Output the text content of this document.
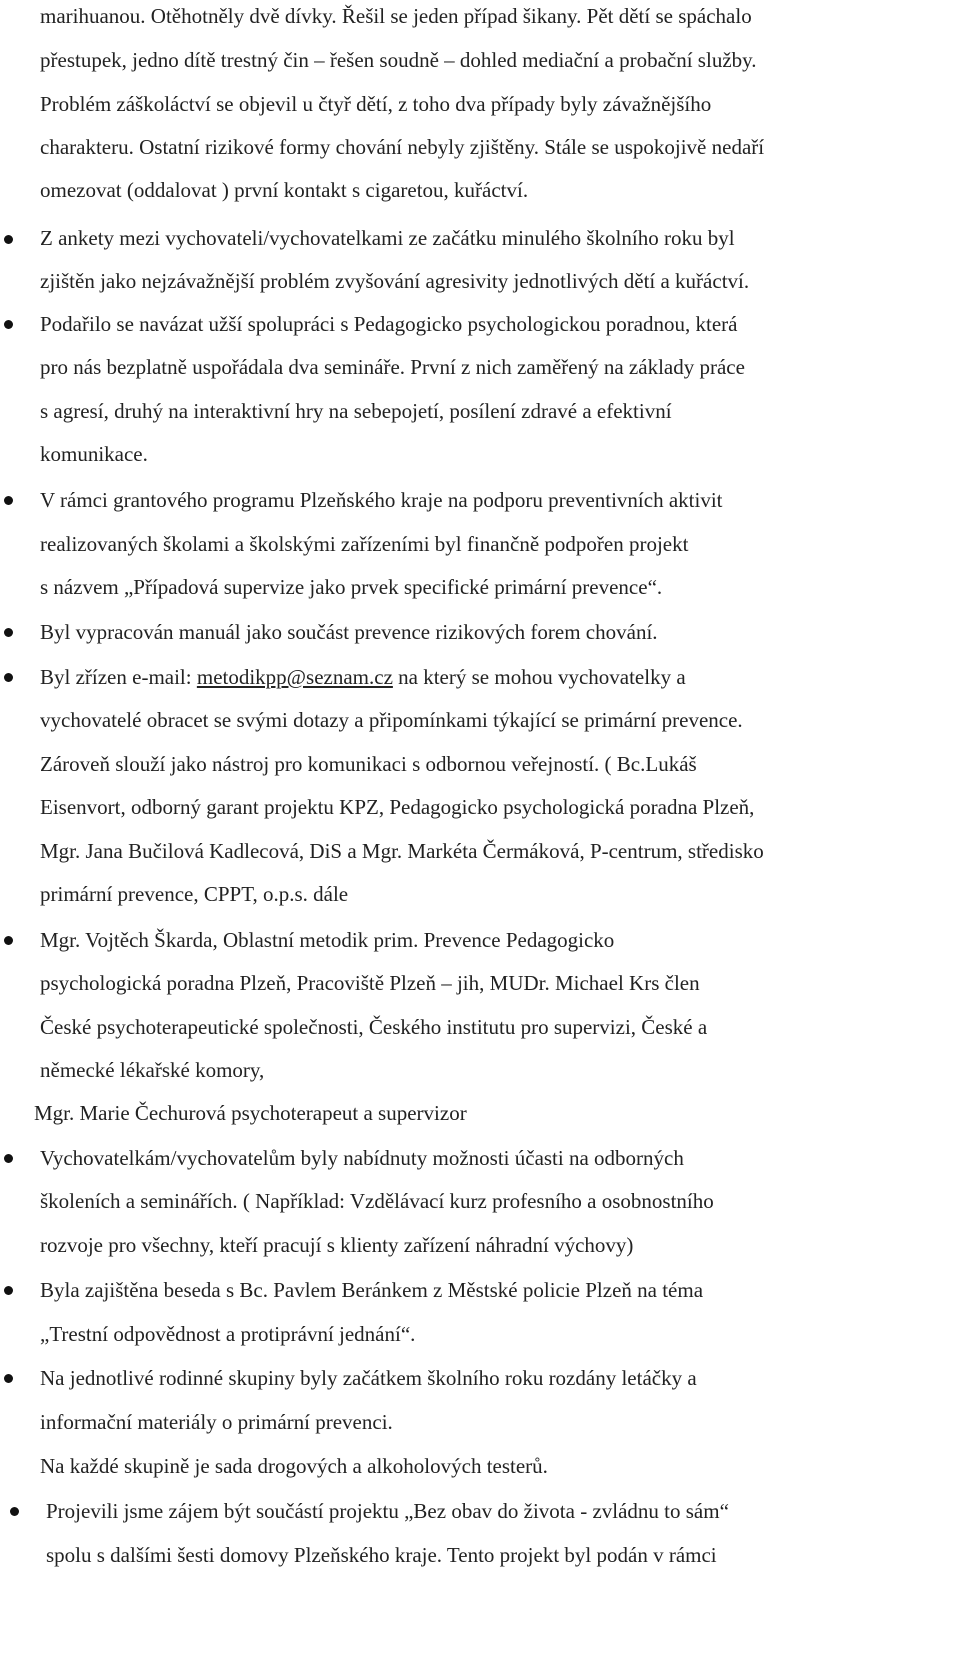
marihuanou. Otěhotněly dvě dívky. Řešil se jeden případ šikany. Pět dětí se spáchalo
přestupek, jedno dítě trestný čin – řešen soudně – dohled mediační a probační služby.
Problém záškoláctví se objevil u čtyř dětí, z toho dva případy byly závažnějšího
charakteru. Ostatní rizikové formy chování nebyly zjištěny. Stále se uspokojivě nedaří
omezovat (oddalovat ) první kontakt s cigaretou, kuřáctví.
Z ankety mezi vychovateli/vychovatelkami ze začátku minulého školního roku byl
zjištěn jako nejzávažnější problém zvyšování agresivity jednotlivých dětí a kuřáctví.
Podařilo se navázat užší spolupráci s Pedagogicko psychologickou poradnou, která
pro nás bezplatně uspořádala dva semináře. První z nich zaměřený na základy práce
s agresí, druhý na interaktivní hry na sebepojetí, posílení zdravé a efektivní
komunikace.
V rámci grantového programu Plzeňského kraje na podporu preventivních aktivit
realizovaných školami a školskými zařízeními byl finančně podpořen projekt
s názvem „Případová supervize jako prvek specifické primární prevence“.
Byl vypracován manuál jako součást prevence rizikových forem chování.
Byl zřízen e-mail: metodikpp@seznam.cz na který se mohou vychovatelky a
vychovatelé obracet se svými dotazy a připomínkami týkající se primární prevence.
Zároveň slouží jako nástroj pro komunikaci s odbornou veřejností. ( Bc.Lukáš
Eisenvort, odborný garant projektu KPZ, Pedagogicko psychologická poradna Plzeň,
Mgr. Jana Bučilová Kadlecová, DiS a Mgr. Markéta Čermáková, P-centrum, středisko
primární prevence, CPPT, o.p.s. dále
Mgr. Vojtěch Škarda, Oblastní metodik prim. Prevence Pedagogicko
psychologická poradna Plzeň, Pracoviště Plzeň – jih, MUDr. Michael Krs člen
České psychoterapeutické společnosti, Českého institutu pro supervizi, České a
německé lékařské komory,
Mgr. Marie Čechurová psychoterapeut a supervizor
Vychovatelkám/vychovatelům byly nabídnuty možnosti účasti na odborných
školeních a seminářích. ( Například: Vzdělávací kurz profesního a osobnostního
rozvoje pro všechny, kteří pracují s klienty zařízení náhradní výchovy)
Byla zajištěna beseda s Bc. Pavlem Beránkem z Městské policie Plzeň na téma
„Trestní odpovědnost a protiprávní jednání“.
Na jednotlivé rodinné skupiny byly začátkem školního roku rozdány letáčky a
informační materiály o primární prevenci.
Na každé skupině je sada drogových a alkoholových testerů.
Projevili jsme zájem být součástí projektu „Bez obav do života - zvládnu to sám“
spolu s dalšími šesti domovy Plzeňského kraje. Tento projekt byl podán v rámci
